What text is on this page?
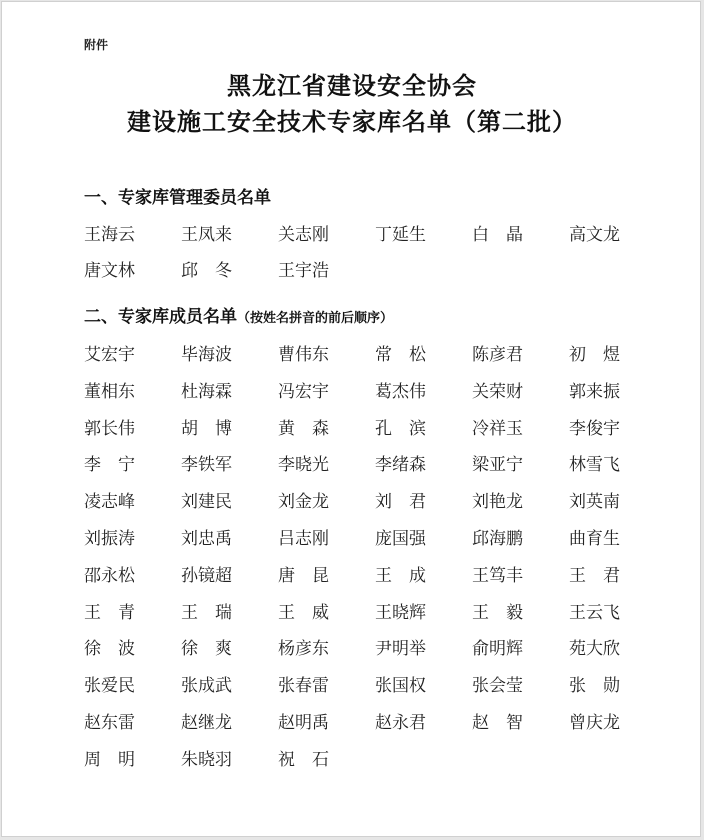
附件
黑龙江省建设安全协会
建设施工安全技术专家库名单（第二批）
一、专家库管理委员名单
王海云	王凤来	关志刚	丁延生	白　晶	高文龙
唐文林	邱　冬	王宇浩
二、专家库成员名单（按姓名拼音的前后顺序）
艾宏宇	毕海波	曹伟东	常　松	陈彦君	初　煜
董相东	杜海霖	冯宏宇	葛杰伟	关荣财	郭来振
郭长伟	胡　博	黄　森	孔　滨	冷祥玉	李俊宇
李　宁	李铁军	李晓光	李绪森	梁亚宁	林雪飞
凌志峰	刘建民	刘金龙	刘　君	刘艳龙	刘英南
刘振涛	刘忠禹	吕志刚	庞国强	邱海鹏	曲育生
邵永松	孙镜超	唐　昆	王　成	王笃丰	王　君
王　青	王　瑞	王　威	王晓辉	王　毅	王云飞
徐　波	徐　爽	杨彦东	尹明举	俞明辉	苑大欣
张爱民	张成武	张春雷	张国权	张会莹	张　勋
赵东雷	赵继龙	赵明禹	赵永君	赵　智	曾庆龙
周　明	朱晓羽	祝　石
